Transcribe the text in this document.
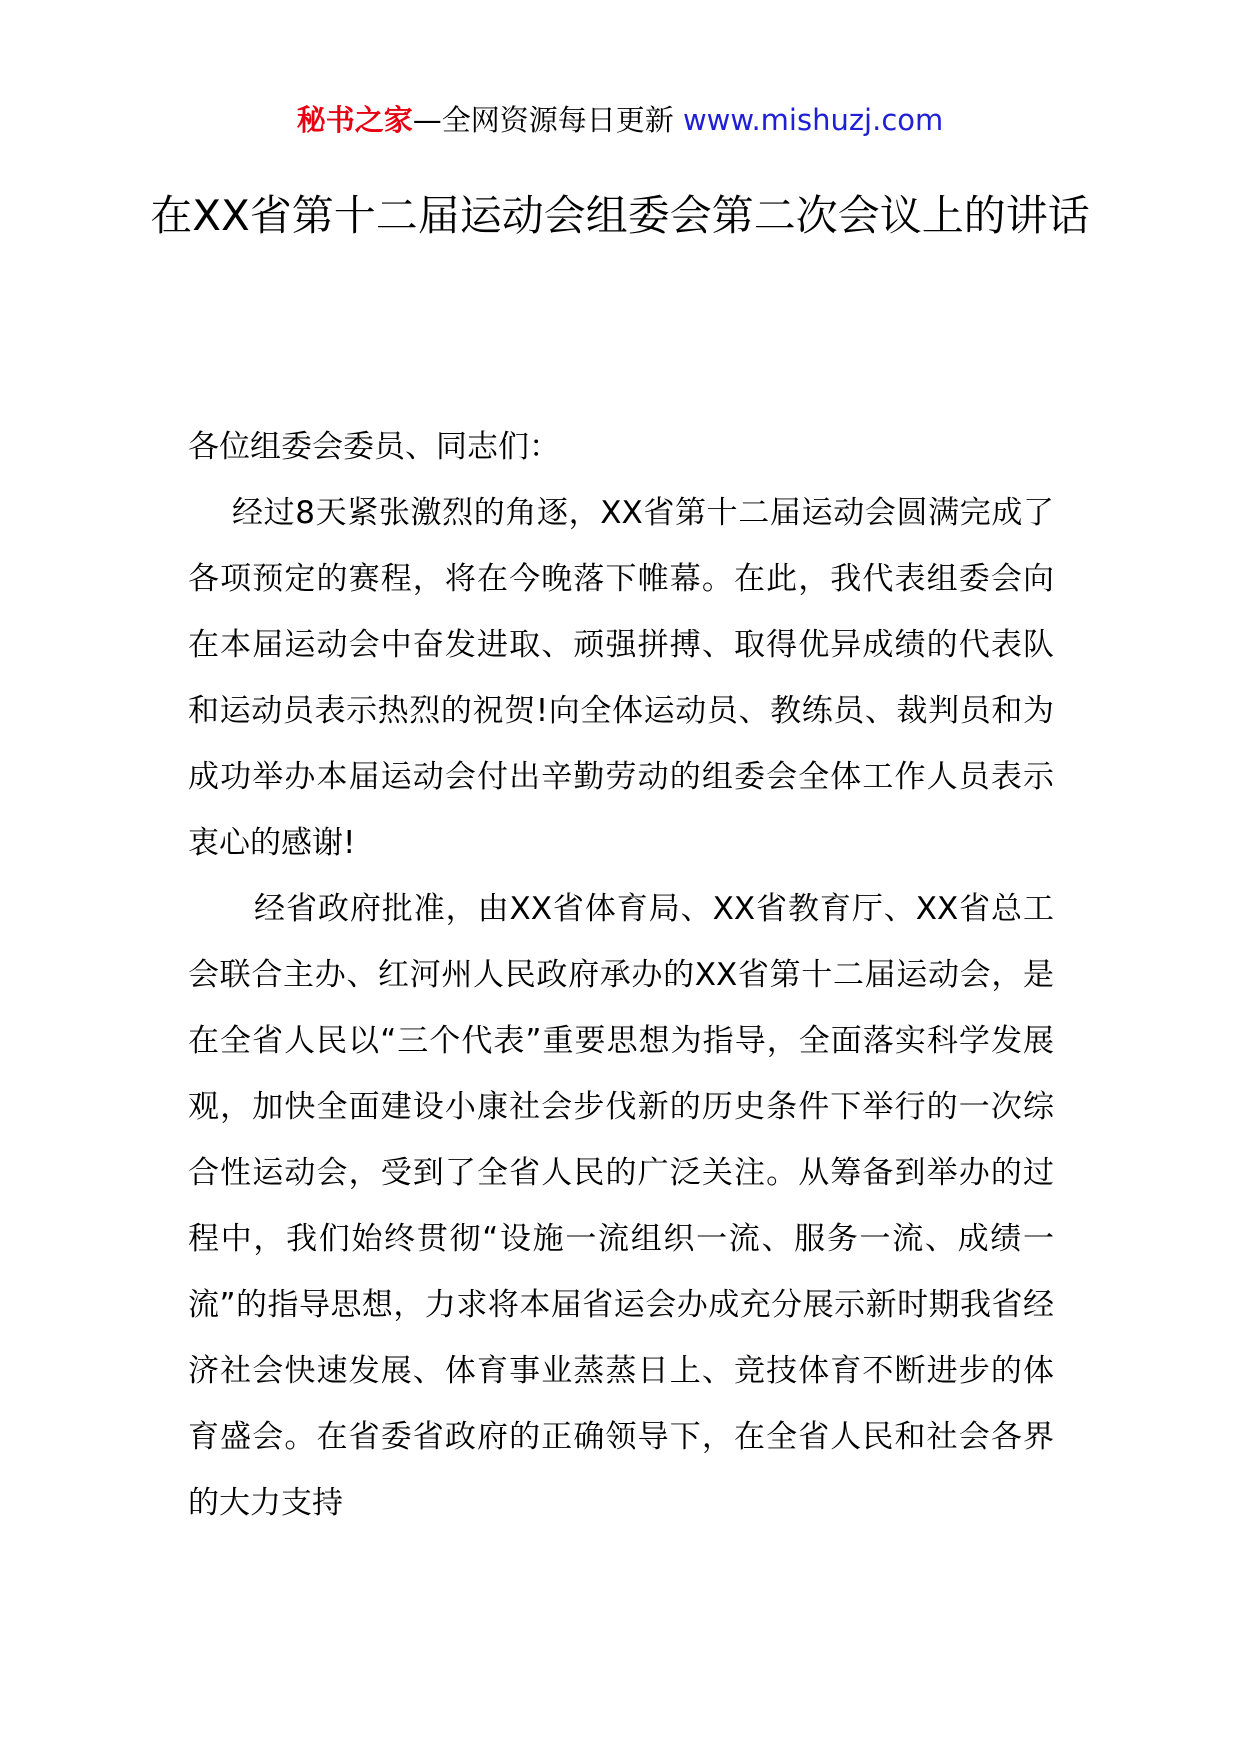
秘书之家—全网资源每日更新 www.mishuzj.com
在XX省第十二届运动会组委会第二次会议上的讲话

各位组委会委员、同志们：

经过8天紧张激烈的角逐，XX省第十二届运动会圆满完成了各项预定的赛程，将在今晚落下帷幕。在此，我代表组委会向在本届运动会中奋发进取、顽强拼搏、取得优异成绩的代表队和运动员表示热烈的祝贺!向全体运动员、教练员、裁判员和为成功举办本届运动会付出辛勤劳动的组委会全体工作人员表示衷心的感谢!

经省政府批准，由XX省体育局、XX省教育厅、XX省总工会联合主办、红河州人民政府承办的XX省第十二届运动会，是在全省人民以“三个代表”重要思想为指导，全面落实科学发展观，加快全面建设小康社会步伐新的历史条件下举行的一次综合性运动会，受到了全省人民的广泛关注。从筹备到举办的过程中，我们始终贯彻“设施一流组织一流、服务一流、成绩一流”的指导思想，力求将本届省运会办成充分展示新时期我省经济社会快速发展、体育事业蒸蒸日上、竞技体育不断进步的体育盛会。在省委省政府的正确领导下，在全省人民和社会各界的大力支持
